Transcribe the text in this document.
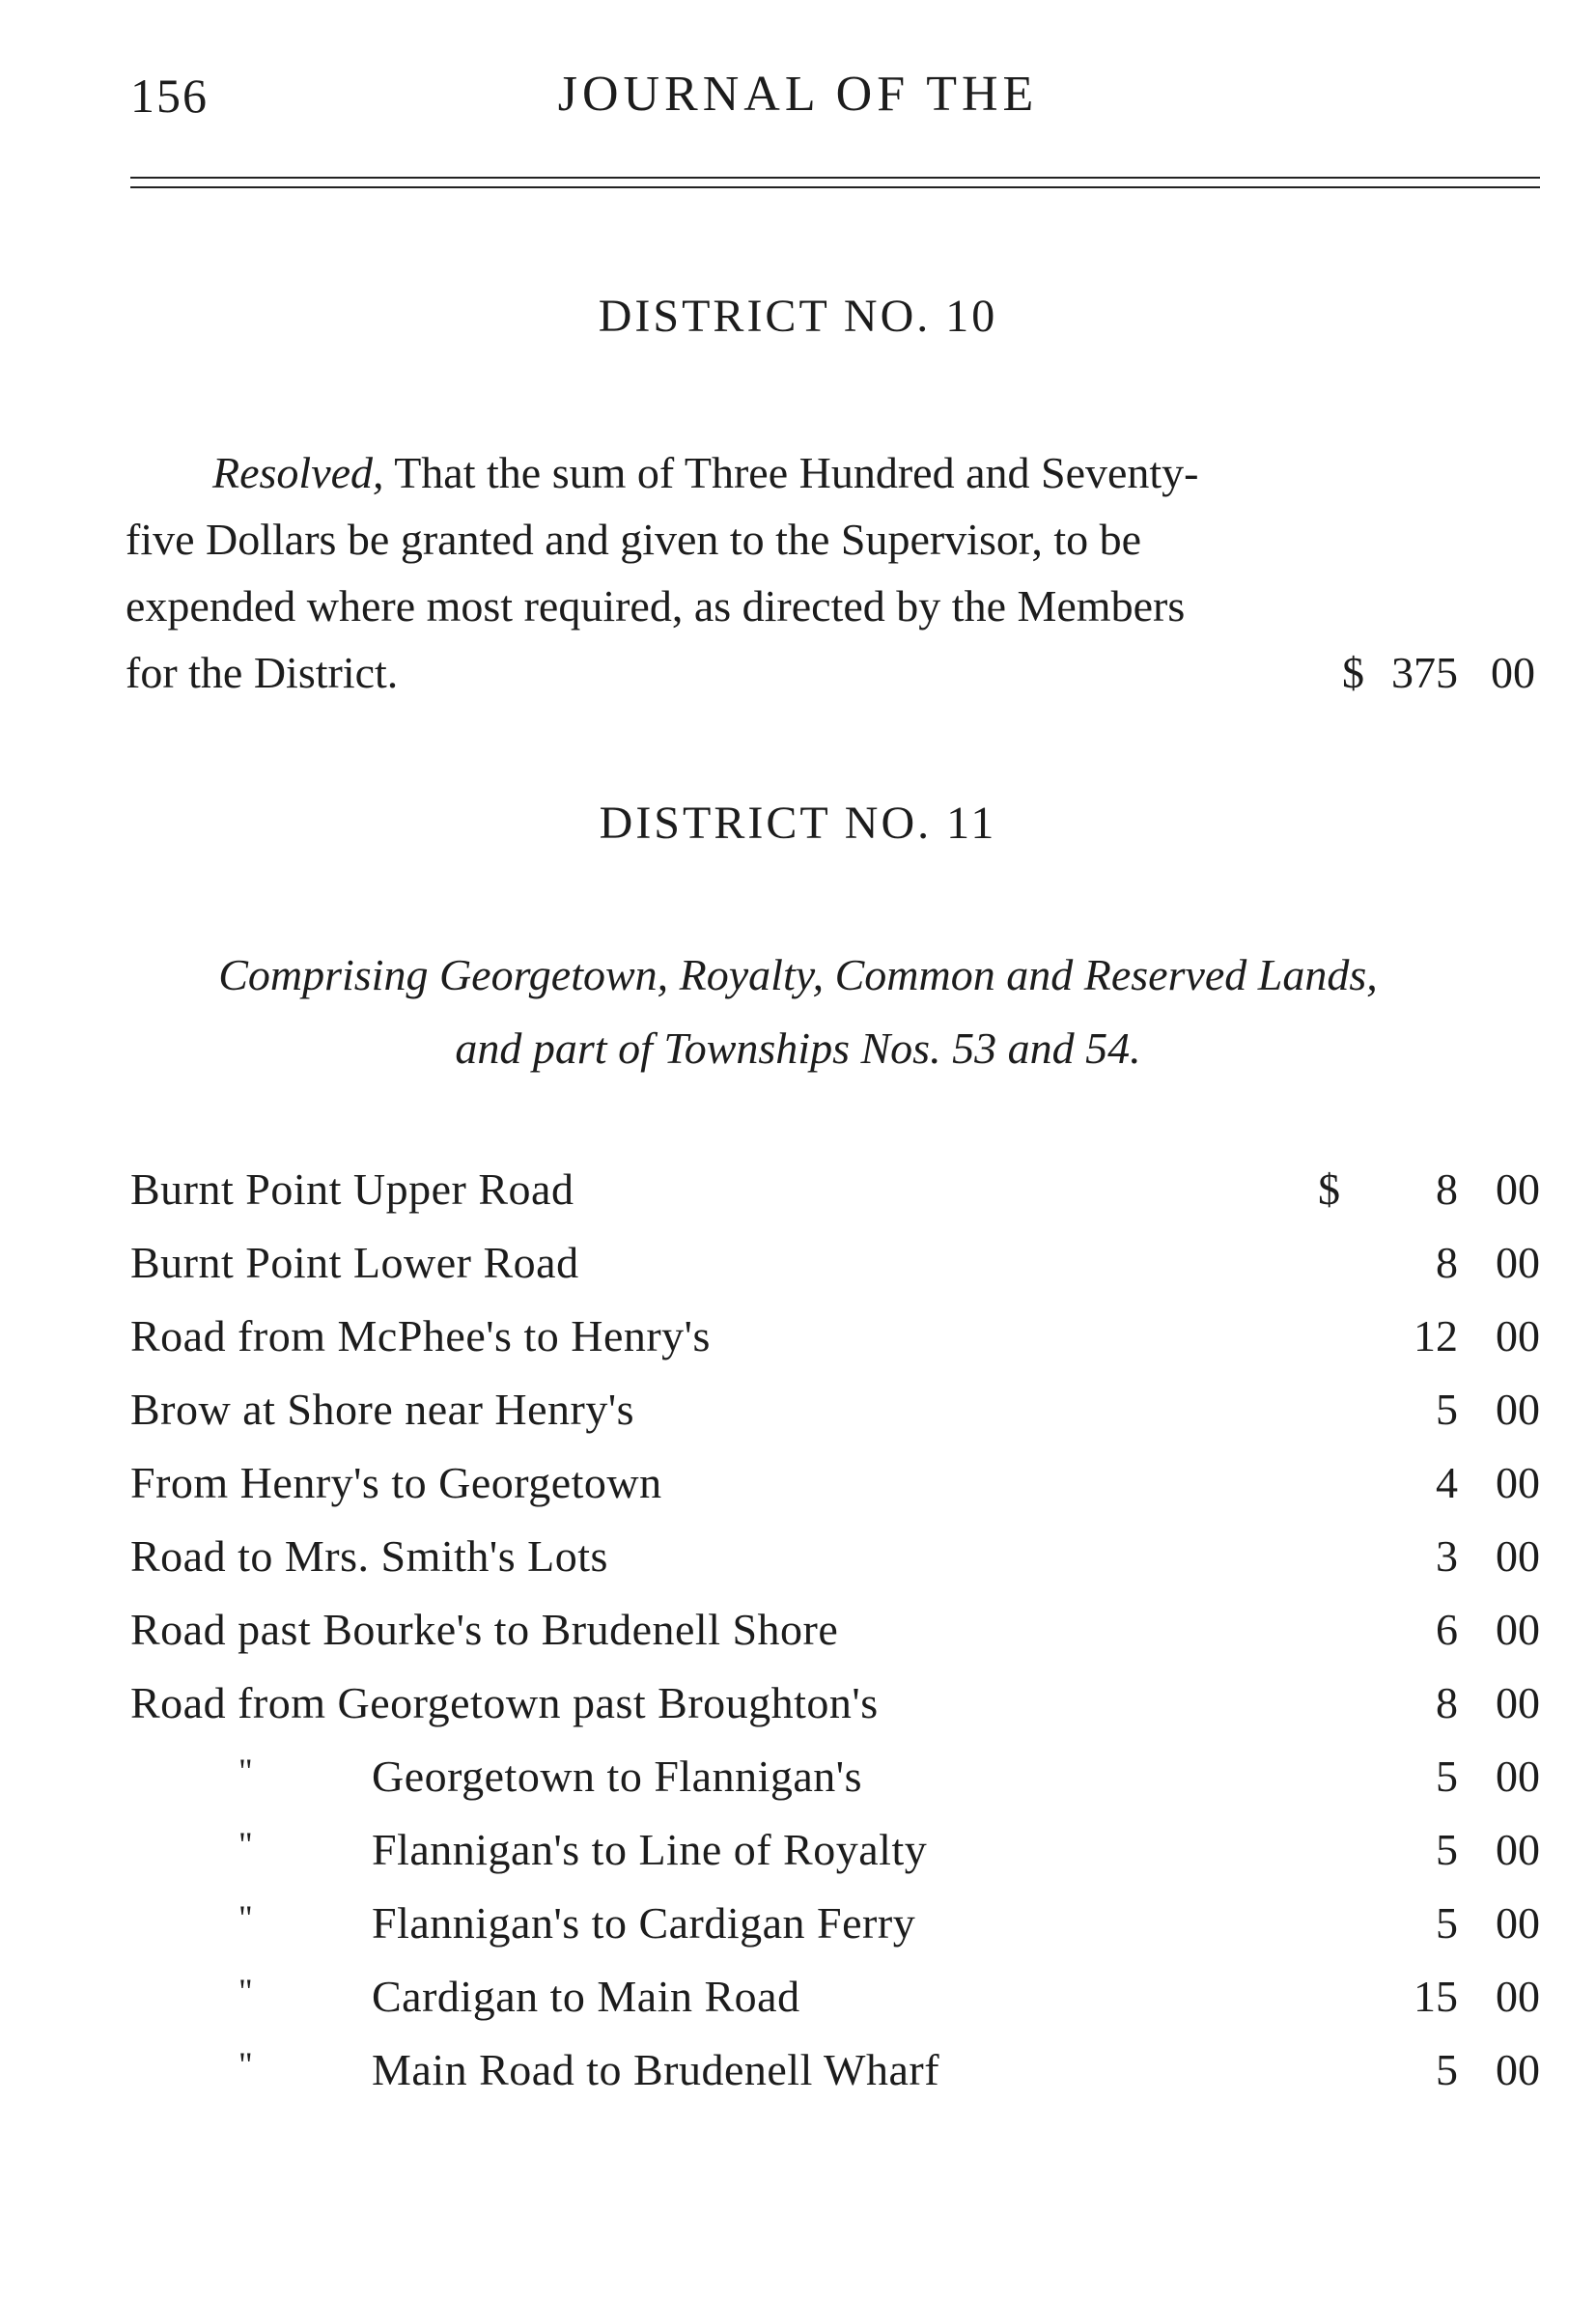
156	JOURNAL OF THE
DISTRICT NO. 10
Resolved, That the sum of Three Hundred and Seventy-
five Dollars be granted and given to the Supervisor, to be
expended where most required, as directed by the Members
for the District.	$ 375 00
DISTRICT NO. 11
Comprising Georgetown, Royalty, Common and Reserved Lands,
and part of Townships Nos. 53 and 54.
Burnt Point Upper Road	$	8 00
Burnt Point Lower Road	8 00
Road from McPhee's to Henry's	12 00
Brow at Shore near Henry's	5 00
From Henry's to Georgetown	4 00
Road to Mrs. Smith's Lots	3 00
Road past Bourke's to Brudenell Shore	6 00
Road from Georgetown past Broughton's	8 00
"	Georgetown to Flannigan's	5 00
"	Flannigan's to Line of Royalty	5 00
"	Flannigan's to Cardigan Ferry	5 00
"	Cardigan to Main Road	15 00
"	Main Road to Brudenell Wharf	5 00
